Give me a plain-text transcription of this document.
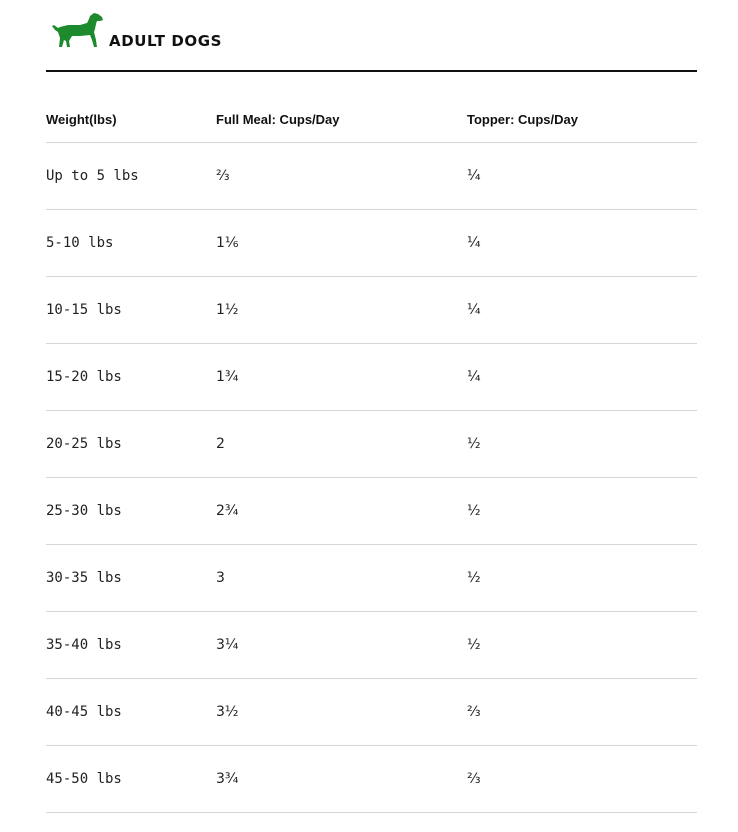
ADULT DOGS
Weight(lbs)	Full Meal: Cups/Day	Topper: Cups/Day
Up to 5 lbs	⅔	¼
5-10 lbs	1⅙	¼
10-15 lbs	1½	¼
15-20 lbs	1¾	¼
20-25 lbs	2	½
25-30 lbs	2¾	½
30-35 lbs	3	½
35-40 lbs	3¼	½
40-45 lbs	3½	⅔
45-50 lbs	3¾	⅔
